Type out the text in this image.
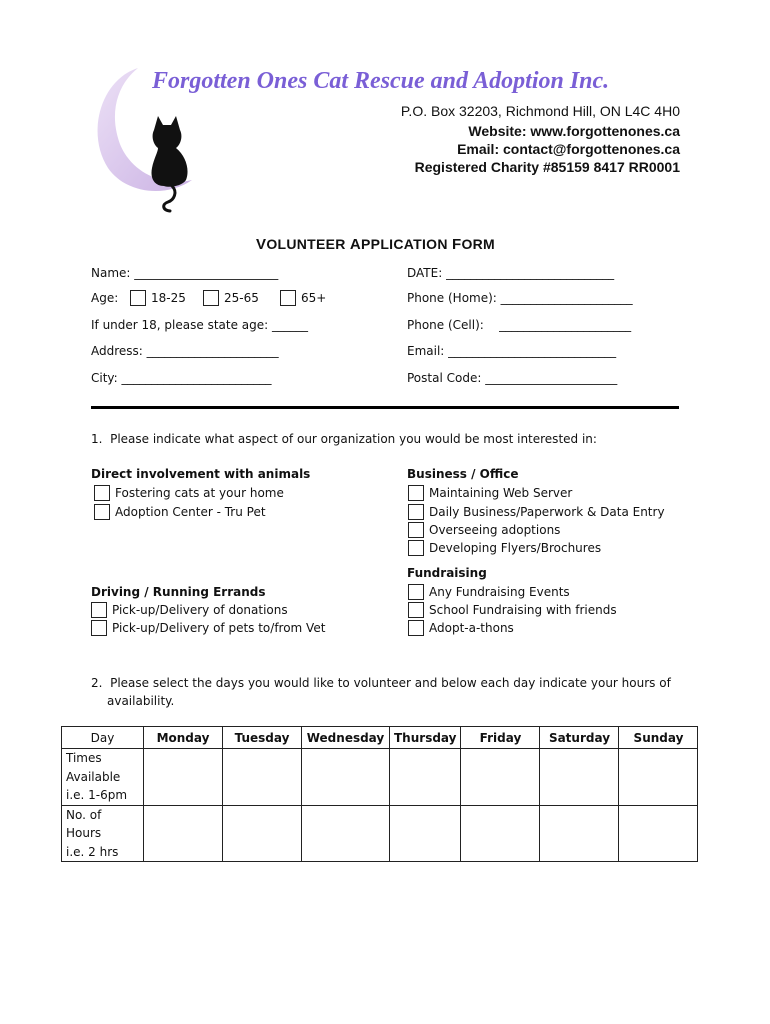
Forgotten Ones Cat Rescue and Adoption Inc.
P.O. Box 32203, Richmond Hill, ON L4C 4H0
Website: www.forgottenones.ca
Email: contact@forgottenones.ca
Registered Charity #85159 8417 RR0001
VOLUNTEER APPLICATION FORM
Name: ________________________	DATE: ____________________________
Age:	18-25	25-65	65+	Phone (Home): ______________________
If under 18, please state age: ______	Phone (Cell):    ______________________
Address: ______________________	Email: ____________________________
City: _________________________	Postal Code: ______________________
1.  Please indicate what aspect of our organization you would be most interested in:
Direct involvement with animals
Fostering cats at your home
Adoption Center - Tru Pet
Business / Office
Maintaining Web Server
Daily Business/Paperwork & Data Entry
Overseeing adoptions
Developing Flyers/Brochures
Fundraising
Any Fundraising Events
School Fundraising with friends
Adopt-a-thons
Driving / Running Errands
Pick-up/Delivery of donations
Pick-up/Delivery of pets to/from Vet
2.  Please select the days you would like to volunteer and below each day indicate your hours of
availability.
Day	Monday	Tuesday	Wednesday	Thursday	Friday	Saturday	Sunday

Times
Available
i.e. 1-6pm							

No. of
Hours
i.e. 2 hrs							
